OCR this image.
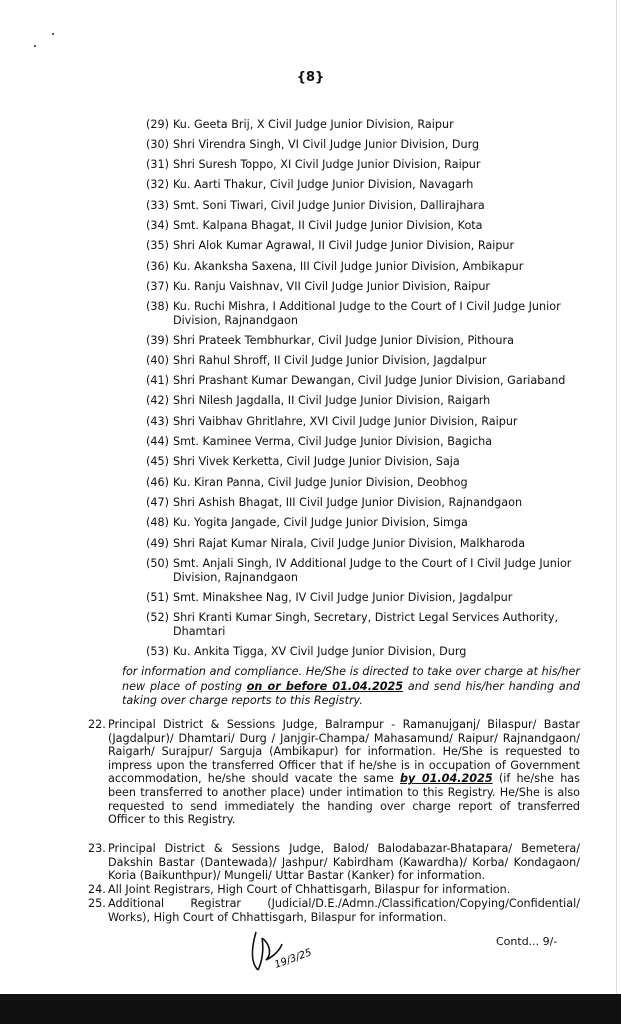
{8}
(29) Ku. Geeta Brij, X Civil Judge Junior Division, Raipur
(30) Shri Virendra Singh, VI Civil Judge Junior Division, Durg
(31) Shri Suresh Toppo, XI Civil Judge Junior Division, Raipur
(32) Ku. Aarti Thakur, Civil Judge Junior Division, Navagarh
(33) Smt. Soni Tiwari, Civil Judge Junior Division, Dallirajhara
(34) Smt. Kalpana Bhagat, II Civil Judge Junior Division, Kota
(35) Shri Alok Kumar Agrawal, II Civil Judge Junior Division, Raipur
(36) Ku. Akanksha Saxena, III Civil Judge Junior Division, Ambikapur
(37) Ku. Ranju Vaishnav, VII Civil Judge Junior Division, Raipur
(38) Ku. Ruchi Mishra, I Additional Judge to the Court of I Civil Judge Junior Division, Rajnandgaon
(39) Shri Prateek Tembhurkar, Civil Judge Junior Division, Pithoura
(40) Shri Rahul Shroff, II Civil Judge Junior Division, Jagdalpur
(41) Shri Prashant Kumar Dewangan, Civil Judge Junior Division, Gariaband
(42) Shri Nilesh Jagdalla, II Civil Judge Junior Division, Raigarh
(43) Shri Vaibhav Ghritlahre, XVI Civil Judge Junior Division, Raipur
(44) Smt. Kaminee Verma, Civil Judge Junior Division, Bagicha
(45) Shri Vivek Kerketta, Civil Judge Junior Division, Saja
(46) Ku. Kiran Panna, Civil Judge Junior Division, Deobhog
(47) Shri Ashish Bhagat, III Civil Judge Junior Division, Rajnandgaon
(48) Ku. Yogita Jangade, Civil Judge Junior Division, Simga
(49) Shri Rajat Kumar Nirala, Civil Judge Junior Division, Malkharoda
(50) Smt. Anjali Singh, IV Additional Judge to the Court of I Civil Judge Junior Division, Rajnandgaon
(51) Smt. Minakshee Nag, IV Civil Judge Junior Division, Jagdalpur
(52) Shri Kranti Kumar Singh, Secretary, District Legal Services Authority, Dhamtari
(53) Ku. Ankita Tigga, XV Civil Judge Junior Division, Durg
for information and compliance. He/She is directed to take over charge at his/her new place of posting on or before 01.04.2025 and send his/her handing and taking over charge reports to this Registry.
22. Principal District & Sessions Judge, Balrampur - Ramanujganj/ Bilaspur/ Bastar (Jagdalpur)/ Dhamtari/ Durg / Janjgir-Champa/ Mahasamund/ Raipur/ Rajnandgaon/ Raigarh/ Surajpur/ Sarguja (Ambikapur) for information. He/She is requested to impress upon the transferred Officer that if he/she is in occupation of Government accommodation, he/she should vacate the same by 01.04.2025 (if he/she has been transferred to another place) under intimation to this Registry. He/She is also requested to send immediately the handing over charge report of transferred Officer to this Registry.
23. Principal District & Sessions Judge, Balod/ Balodabazar-Bhatapara/ Bemetera/ Dakshin Bastar (Dantewada)/ Jashpur/ Kabirdham (Kawardha)/ Korba/ Kondagaon/ Koria (Baikunthpur)/ Mungeli/ Uttar Bastar (Kanker) for information.
24. All Joint Registrars, High Court of Chhattisgarh, Bilaspur for information.
25. Additional Registrar (Judicial/D.E./Admn./Classification/Copying/Confidential/ Works), High Court of Chhattisgarh, Bilaspur for information.
19/3/25
Contd... 9/-
